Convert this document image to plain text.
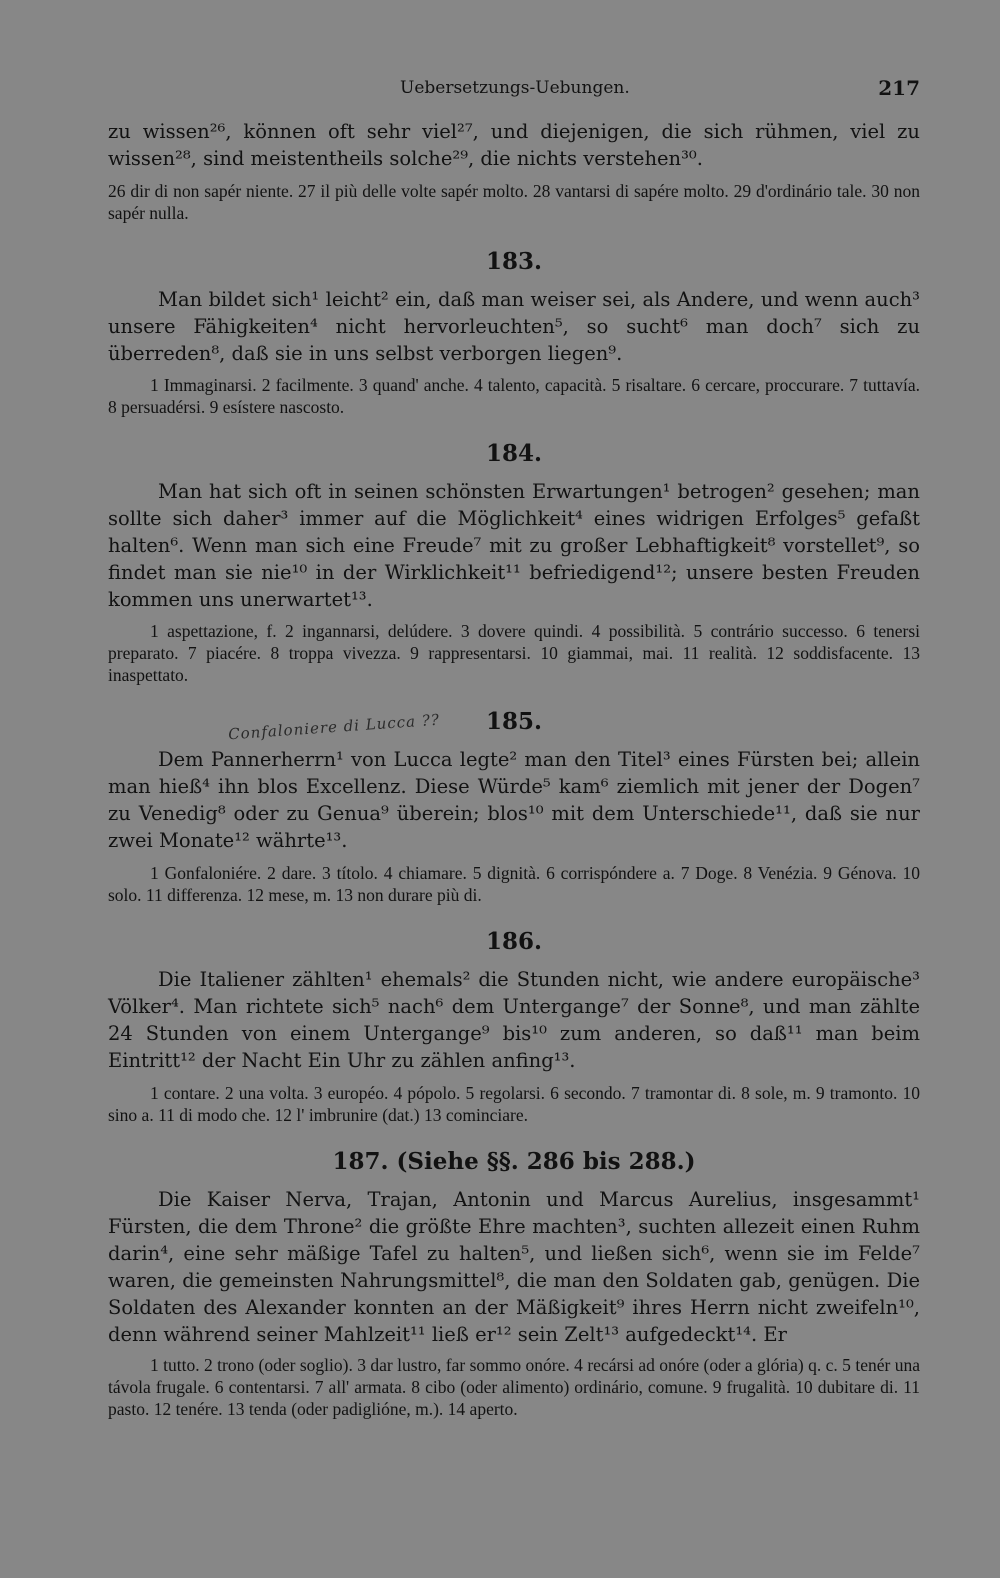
Uebersetzungs-Uebungen.	217

zu wissen²⁶, können oft sehr viel²⁷, und diejenigen, die sich rühmen, viel zu wissen²⁸, sind meistentheils solche²⁹, die nichts verstehen³⁰.

26 dir di non sapér niente. 27 il più delle volte sapér molto. 28 vantarsi di sapére molto. 29 d'ordinário tale. 30 non sapér nulla.

183.

Man bildet sich¹ leicht² ein, daß man weiser sei, als Andere, und wenn auch³ unsere Fähigkeiten⁴ nicht hervorleuchten⁵, so sucht⁶ man doch⁷ sich zu überreden⁸, daß sie in uns selbst verborgen liegen⁹.

1 Immaginarsi. 2 facilmente. 3 quand' anche. 4 talento, capacità. 5 risaltare. 6 cercare, proccurare. 7 tuttavía. 8 persuadérsi. 9 esístere nascosto.

184.

Man hat sich oft in seinen schönsten Erwartungen¹ betrogen² gesehen; man sollte sich daher³ immer auf die Möglichkeit⁴ eines widrigen Erfolges⁵ gefaßt halten⁶. Wenn man sich eine Freude⁷ mit zu großer Lebhaftigkeit⁸ vorstellet⁹, so findet man sie nie¹⁰ in der Wirklichkeit¹¹ befriedigend¹²; unsere besten Freuden kommen uns unerwartet¹³.

1 aspettazione, f. 2 ingannarsi, delúdere. 3 dovere quindi. 4 possibilità. 5 contrário successo. 6 tenersi preparato. 7 piacére. 8 troppa vivezza. 9 rappresentarsi. 10 giammai, mai. 11 realità. 12 soddisfacente. 13 inaspettato.

Confaloniere di Lucca ??	185.

Dem Pannerherrn¹ von Lucca legte² man den Titel³ eines Fürsten bei; allein man hieß⁴ ihn blos Excellenz. Diese Würde⁵ kam⁶ ziemlich mit jener der Dogen⁷ zu Venedig⁸ oder zu Genua⁹ überein; blos¹⁰ mit dem Unterschiede¹¹, daß sie nur zwei Monate¹² währte¹³.

1 Gonfaloniére. 2 dare. 3 títolo. 4 chiamare. 5 dignità. 6 corrispóndere a. 7 Doge. 8 Venézia. 9 Génova. 10 solo. 11 differenza. 12 mese, m. 13 non durare più di.

186.

Die Italiener zählten¹ ehemals² die Stunden nicht, wie andere europäische³ Völker⁴. Man richtete sich⁵ nach⁶ dem Untergange⁷ der Sonne⁸, und man zählte 24 Stunden von einem Untergange⁹ bis¹⁰ zum anderen, so daß¹¹ man beim Eintritt¹² der Nacht Ein Uhr zu zählen anfing¹³.

1 contare. 2 una volta. 3 européo. 4 pópolo. 5 regolarsi. 6 secondo. 7 tramontar di. 8 sole, m. 9 tramonto. 10 sino a. 11 di modo che. 12 l' imbrunire (dat.) 13 cominciare.

187. (Siehe §§. 286 bis 288.)

Die Kaiser Nerva, Trajan, Antonin und Marcus Aurelius, insgesammt¹ Fürsten, die dem Throne² die größte Ehre machten³, suchten allezeit einen Ruhm darin⁴, eine sehr mäßige Tafel zu halten⁵, und ließen sich⁶, wenn sie im Felde⁷ waren, die gemeinsten Nahrungsmittel⁸, die man den Soldaten gab, genügen. Die Soldaten des Alexander konnten an der Mäßigkeit⁹ ihres Herrn nicht zweifeln¹⁰, denn während seiner Mahlzeit¹¹ ließ er¹² sein Zelt¹³ aufgedeckt¹⁴. Er

1 tutto. 2 trono (oder soglio). 3 dar lustro, far sommo onóre. 4 recársi ad onóre (oder a glória) q. c. 5 tenér una távola frugale. 6 contentarsi. 7 all' armata. 8 cibo (oder alimento) ordinário, comune. 9 frugalità. 10 dubitare di. 11 pasto. 12 tenére. 13 tenda (oder padiglióne, m.). 14 aperto.
